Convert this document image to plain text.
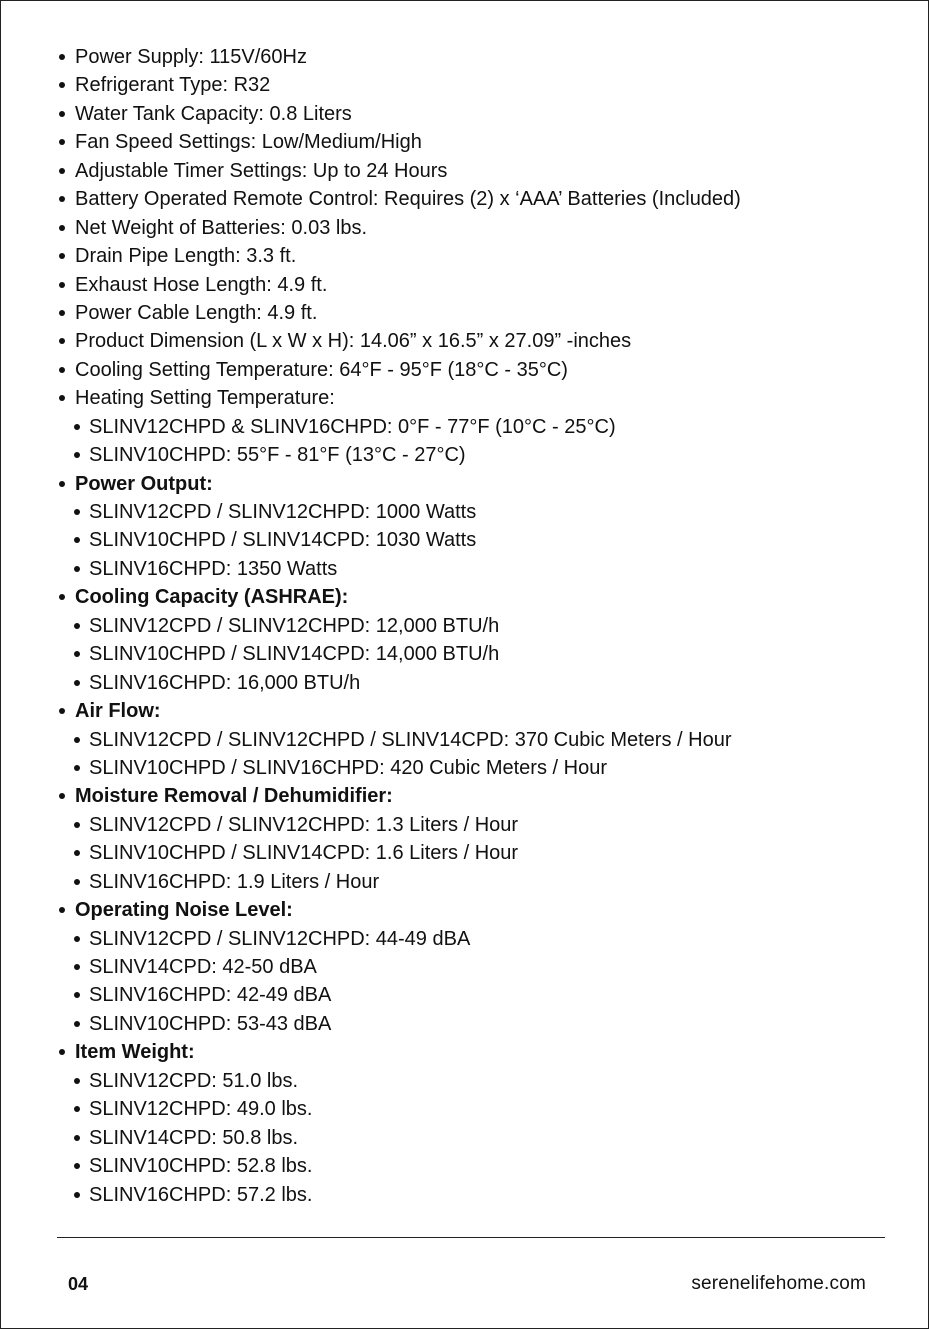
Power Supply: 115V/60Hz
Refrigerant Type: R32
Water Tank Capacity: 0.8 Liters
Fan Speed Settings: Low/Medium/High
Adjustable Timer Settings: Up to 24 Hours
Battery Operated Remote Control: Requires (2) x ‘AAA’ Batteries (Included)
Net Weight of Batteries: 0.03 lbs.
Drain Pipe Length: 3.3 ft.
Exhaust Hose Length: 4.9 ft.
Power Cable Length: 4.9 ft.
Product Dimension (L x W x H): 14.06” x 16.5” x 27.09” -inches
Cooling Setting Temperature: 64°F - 95°F (18°C - 35°C)
Heating Setting Temperature:
SLINV12CHPD & SLINV16CHPD: 0°F - 77°F (10°C - 25°C)
SLINV10CHPD: 55°F - 81°F (13°C - 27°C)
Power Output:
SLINV12CPD / SLINV12CHPD: 1000 Watts
SLINV10CHPD / SLINV14CPD: 1030 Watts
SLINV16CHPD: 1350 Watts
Cooling Capacity (ASHRAE):
SLINV12CPD / SLINV12CHPD: 12,000 BTU/h
SLINV10CHPD / SLINV14CPD: 14,000 BTU/h
SLINV16CHPD: 16,000 BTU/h
Air Flow:
SLINV12CPD / SLINV12CHPD / SLINV14CPD: 370 Cubic Meters / Hour
SLINV10CHPD / SLINV16CHPD: 420 Cubic Meters / Hour
Moisture Removal / Dehumidifier:
SLINV12CPD / SLINV12CHPD: 1.3 Liters / Hour
SLINV10CHPD / SLINV14CPD: 1.6 Liters / Hour
SLINV16CHPD: 1.9 Liters / Hour
Operating Noise Level:
SLINV12CPD / SLINV12CHPD: 44-49 dBA
SLINV14CPD: 42-50 dBA
SLINV16CHPD: 42-49 dBA
SLINV10CHPD: 53-43 dBA
Item Weight:
SLINV12CPD: 51.0 lbs.
SLINV12CHPD: 49.0 lbs.
SLINV14CPD: 50.8 lbs.
SLINV10CHPD: 52.8 lbs.
SLINV16CHPD: 57.2 lbs.
04	serenelifehome.com
